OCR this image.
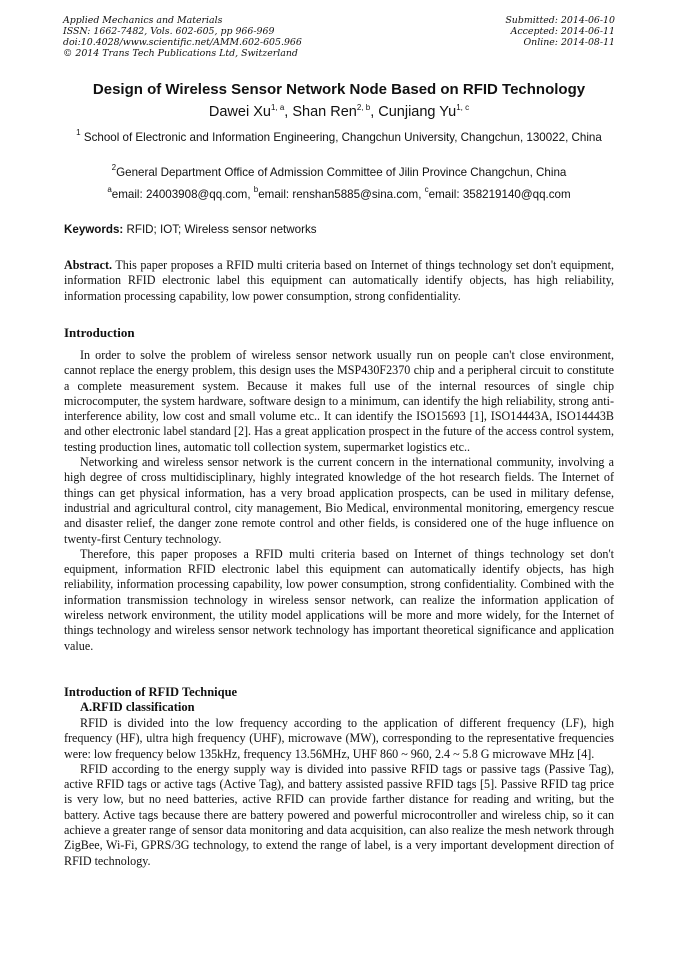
Applied Mechanics and Materials
ISSN: 1662-7482, Vols. 602-605, pp 966-969
doi:10.4028/www.scientific.net/AMM.602-605.966
© 2014 Trans Tech Publications Ltd, Switzerland
Submitted: 2014-06-10
Accepted: 2014-06-11
Online: 2014-08-11
Design of Wireless Sensor Network Node Based on RFID Technology
Dawei Xu$^{1, a}$, Shan Ren$^{2, b}$, Cunjiang Yu$^{1, c}$
$^1$ School of Electronic and Information Engineering, Changchun University, Changchun, 130022, China
$^2$General Department Office of Admission Committee of Jilin Province Changchun, China
$^a$email: 24003908@qq.com, $^b$email: renshan5885@sina.com, $^c$email: 358219140@qq.com
Keywords: RFID; IOT; Wireless sensor networks
Abstract. This paper proposes a RFID multi criteria based on Internet of things technology set don't equipment, information RFID electronic label this equipment can automatically identify objects, has high reliability, information processing capability, low power consumption, strong confidentiality.
Introduction

In order to solve the problem of wireless sensor network usually run on people can't close environment, cannot replace the energy problem, this design uses the MSP430F2370 chip and a peripheral circuit to constitute a complete measurement system. Because it makes full use of the internal resources of single chip microcomputer, the system hardware, software design to a minimum, can identify the high reliability, strong anti-interference ability, low cost and small volume etc.. It can identify the ISO15693 [1], ISO14443A, ISO14443B and other electronic label standard [2]. Has a great application prospect in the future of the access control system, testing production lines, automatic toll collection system, supermarket logistics etc..

Networking and wireless sensor network is the current concern in the international community, involving a high degree of cross multidisciplinary, highly integrated knowledge of the hot research fields. The Internet of things can get physical information, has a very broad application prospects, can be used in military defense, industrial and agricultural control, city management, Bio Medical, environmental monitoring, emergency rescue and disaster relief, the danger zone remote control and other fields, is considered one of the huge influence on twenty-first Century technology.

Therefore, this paper proposes a RFID multi criteria based on Internet of things technology set don't equipment, information RFID electronic label this equipment can automatically identify objects, has high reliability, information processing capability, low power consumption, strong confidentiality. Combined with the information transmission technology in wireless sensor network, can realize the information application of wireless network environment, the utility model applications will be more and more widely, for the Internet of things technology and wireless sensor network technology has important theoretical significance and application value.

Introduction of RFID Technique
A.RFID classification

RFID is divided into the low frequency according to the application of different frequency (LF), high frequency (HF), ultra high frequency (UHF), microwave (MW), corresponding to the representative frequencies were: low frequency below 135kHz, frequency 13.56MHz, UHF 860 ~ 960, 2.4 ~ 5.8 G microwave MHz [4].

RFID according to the energy supply way is divided into passive RFID tags or passive tags (Passive Tag), active RFID tags or active tags (Active Tag), and battery assisted passive RFID tags [5]. Passive RFID tag price is very low, but no need batteries, active RFID can provide farther distance for reading and writing, but the battery. Active tags because there are battery powered and powerful microcontroller and wireless chip, so it can achieve a greater range of sensor data monitoring and data acquisition, can also realize the mesh network through ZigBee, Wi-Fi, GPRS/3G technology, to extend the range of label, is a very important development direction of RFID technology.
